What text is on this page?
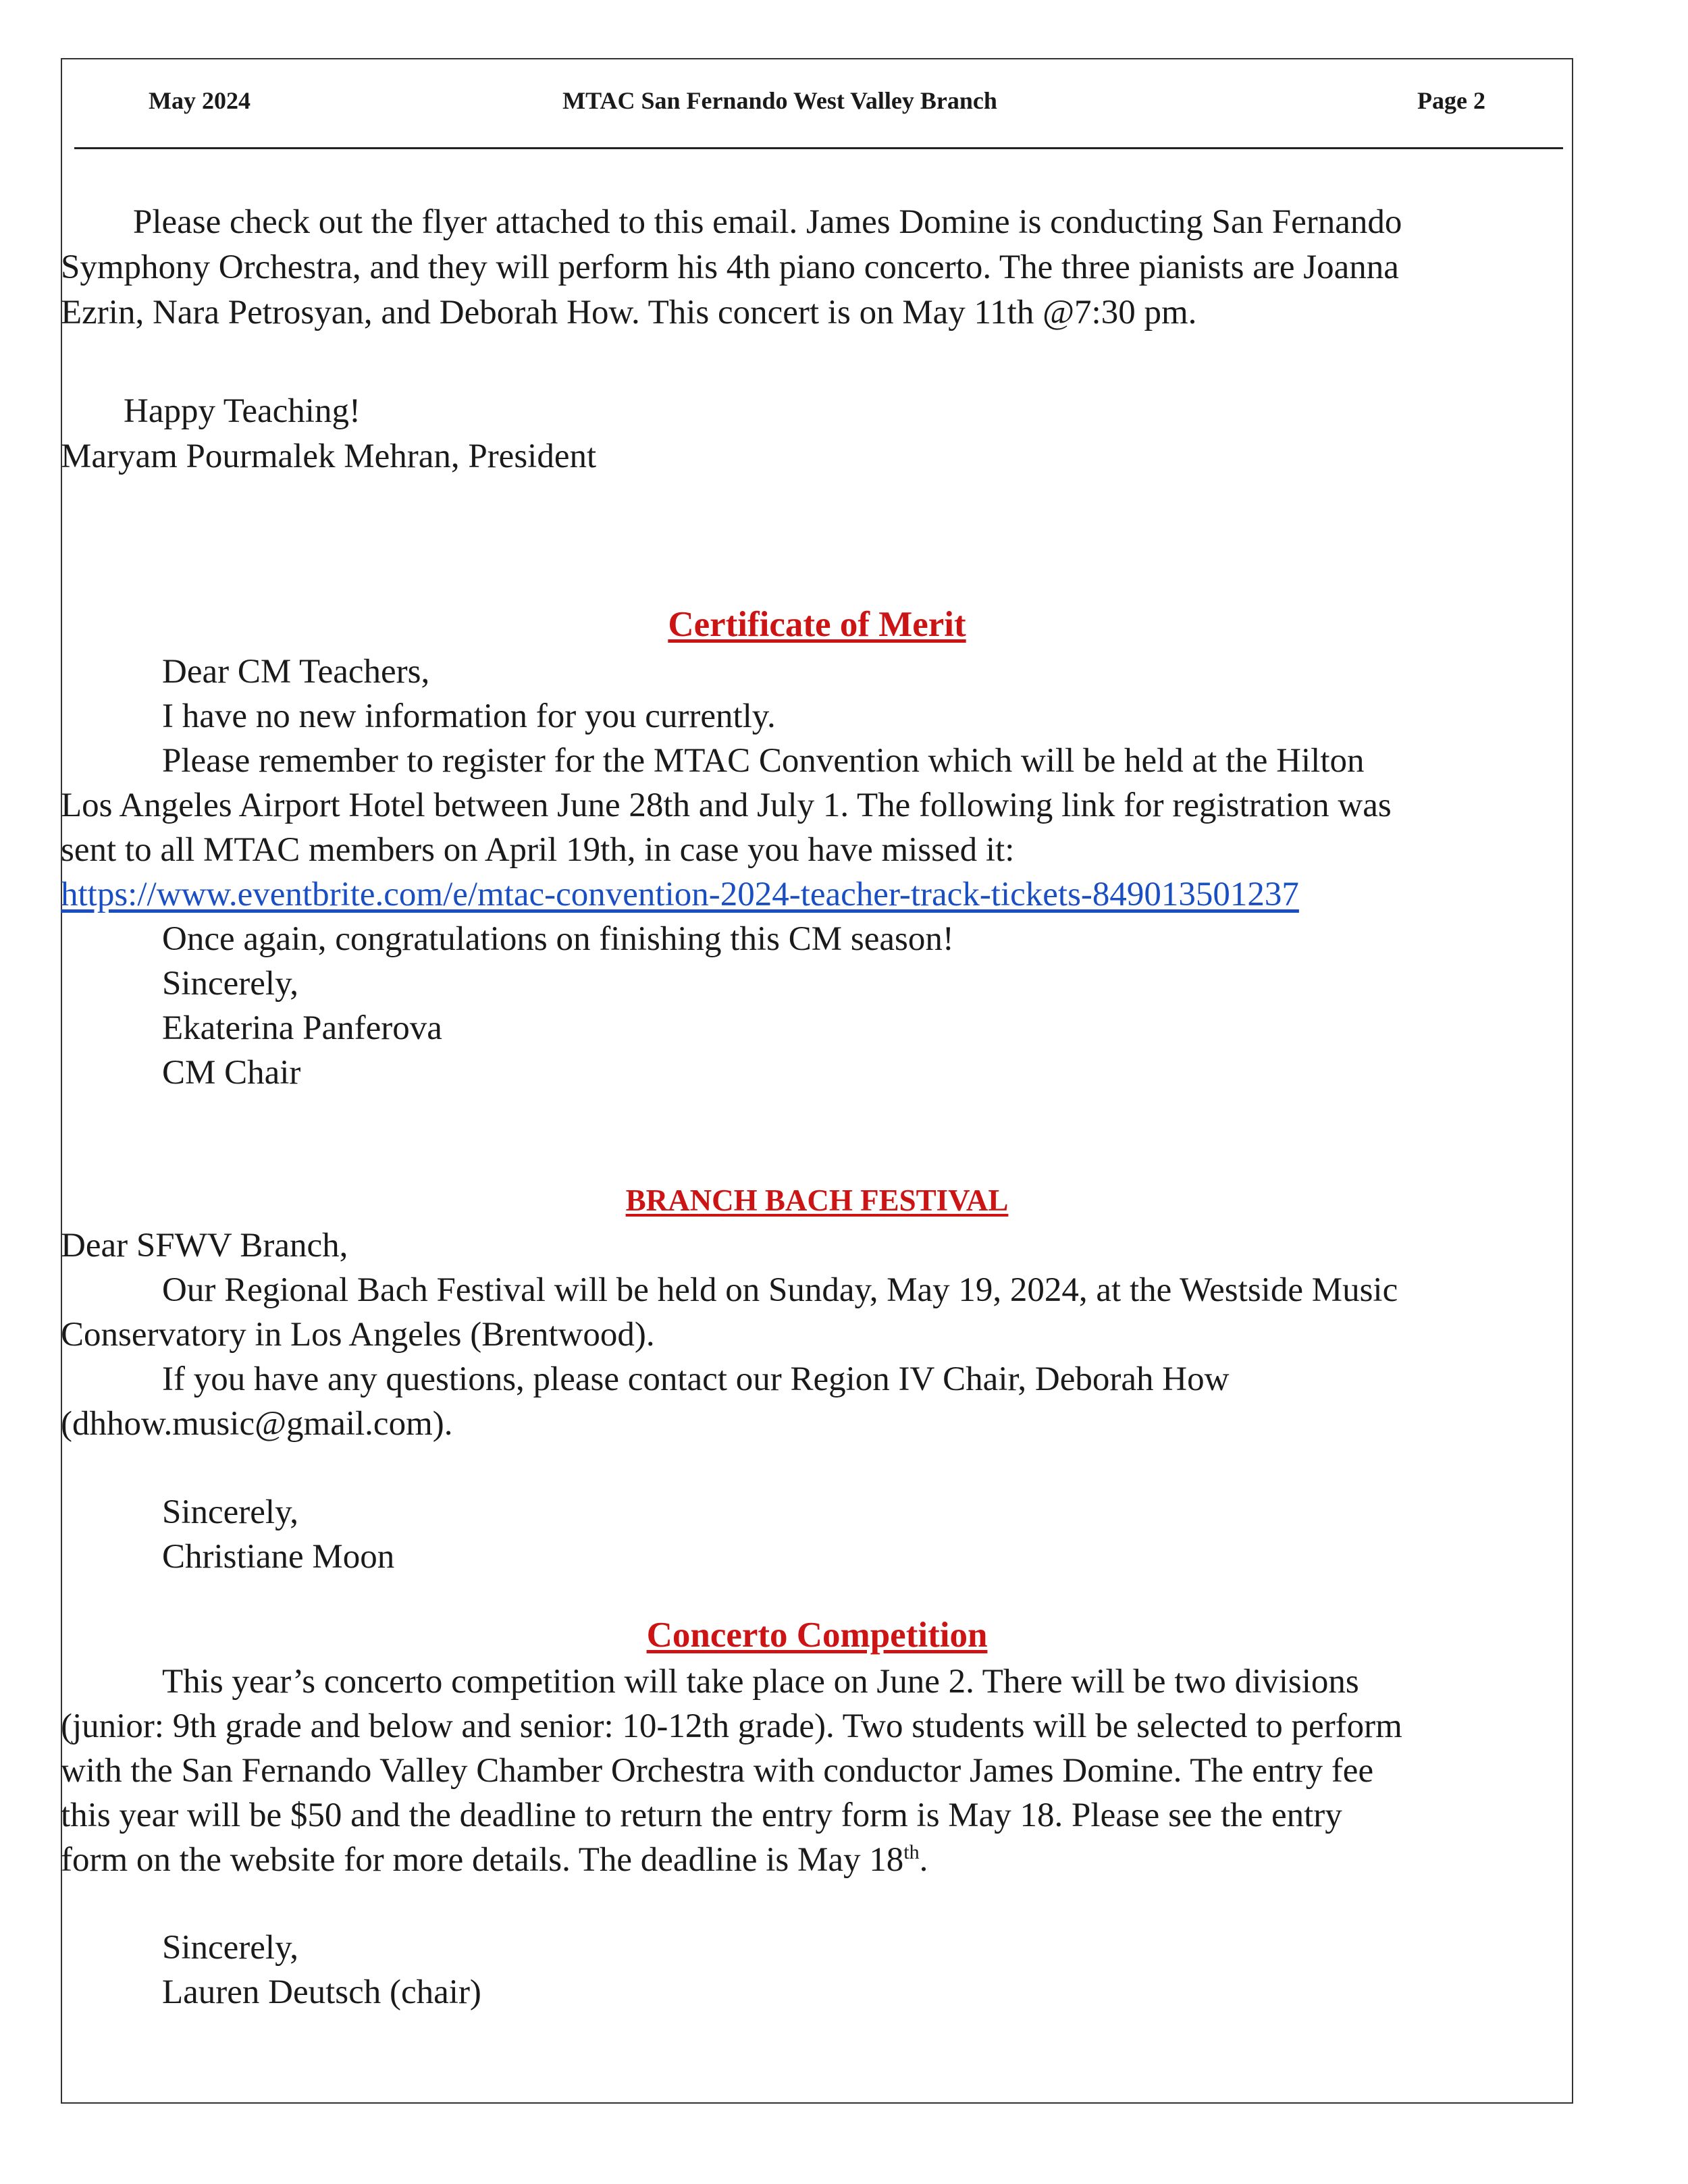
May 2024	MTAC San Fernando West Valley Branch	Page 2
Please check out the flyer attached to this email. James Domine is conducting San Fernando
Symphony Orchestra, and they will perform his 4th piano concerto. The three pianists are Joanna
Ezrin, Nara Petrosyan, and Deborah How. This concert is on May 11th @7:30 pm.
Happy Teaching!
Maryam Pourmalek Mehran, President
Certificate of Merit
Dear CM Teachers,
I have no new information for you currently.
Please remember to register for the MTAC Convention which will be held at the Hilton
Los Angeles Airport Hotel between June 28th and July 1. The following link for registration was
sent to all MTAC members on April 19th, in case you have missed it:
https://www.eventbrite.com/e/mtac-convention-2024-teacher-track-tickets-849013501237
Once again, congratulations on finishing this CM season!
Sincerely,
Ekaterina Panferova
CM Chair
BRANCH BACH FESTIVAL
Dear SFWV Branch,
Our Regional Bach Festival will be held on Sunday, May 19, 2024, at the Westside Music
Conservatory in Los Angeles (Brentwood).
If you have any questions, please contact our Region IV Chair, Deborah How
(dhhow.music@gmail.com).
Sincerely,
Christiane Moon
Concerto Competition
This year’s concerto competition will take place on June 2. There will be two divisions
(junior: 9th grade and below and senior: 10-12th grade). Two students will be selected to perform
with the San Fernando Valley Chamber Orchestra with conductor James Domine. The entry fee
this year will be $50 and the deadline to return the entry form is May 18. Please see the entry
form on the website for more details. The deadline is May 18th.
Sincerely,
Lauren Deutsch (chair)
